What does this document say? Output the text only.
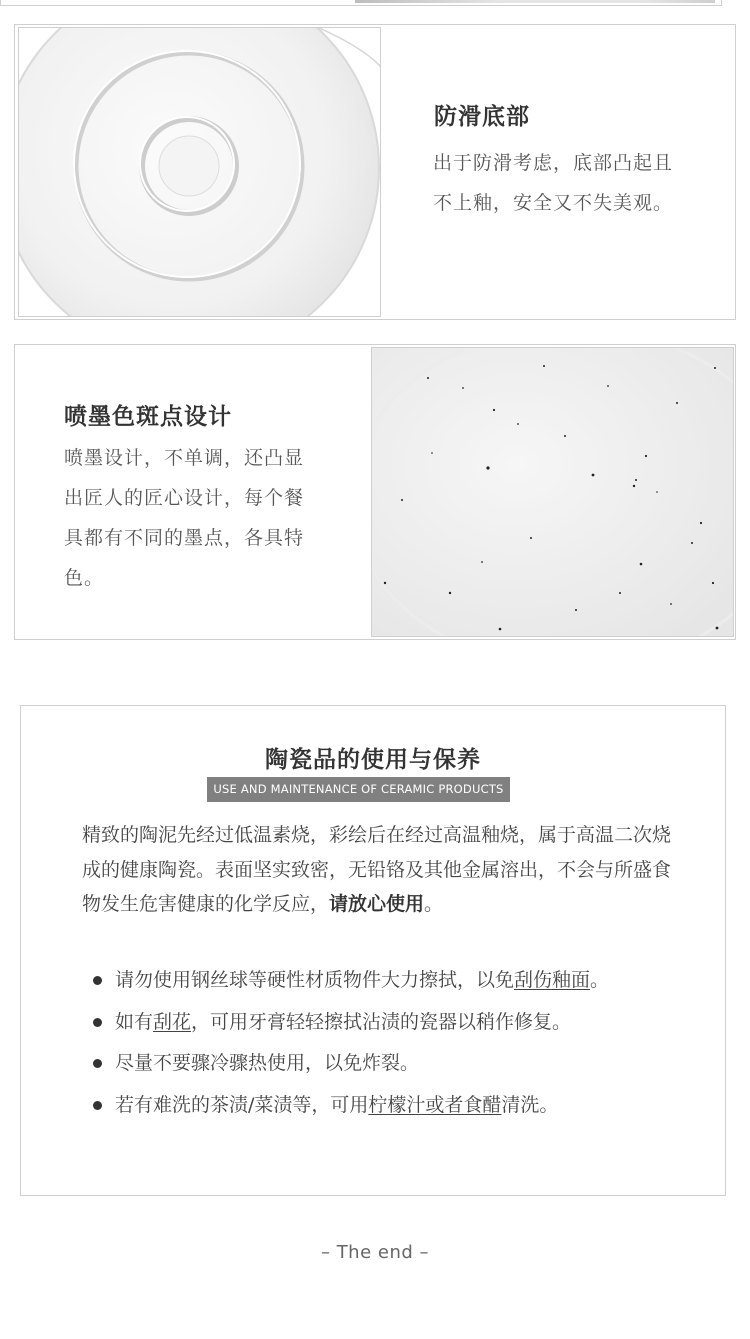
防滑底部
出于防滑考虑，底部凸起且不上釉，安全又不失美观。
喷墨色斑点设计
喷墨设计，不单调，还凸显出匠人的匠心设计，每个餐具都有不同的墨点，各具特色。
陶瓷品的使用与保养
USE AND MAINTENANCE OF CERAMIC PRODUCTS
精致的陶泥先经过低温素烧，彩绘后在经过高温釉烧，属于高温二次烧成的健康陶瓷。表面坚实致密，无铅铬及其他金属溶出，不会与所盛食物发生危害健康的化学反应，请放心使用。
请勿使用钢丝球等硬性材质物件大力擦拭，以免刮伤釉面。
如有刮花，可用牙膏轻轻擦拭沾渍的瓷器以稍作修复。
尽量不要骤冷骤热使用，以免炸裂。
若有难洗的茶渍/菜渍等，可用柠檬汁或者食醋清洗。
– The end –
